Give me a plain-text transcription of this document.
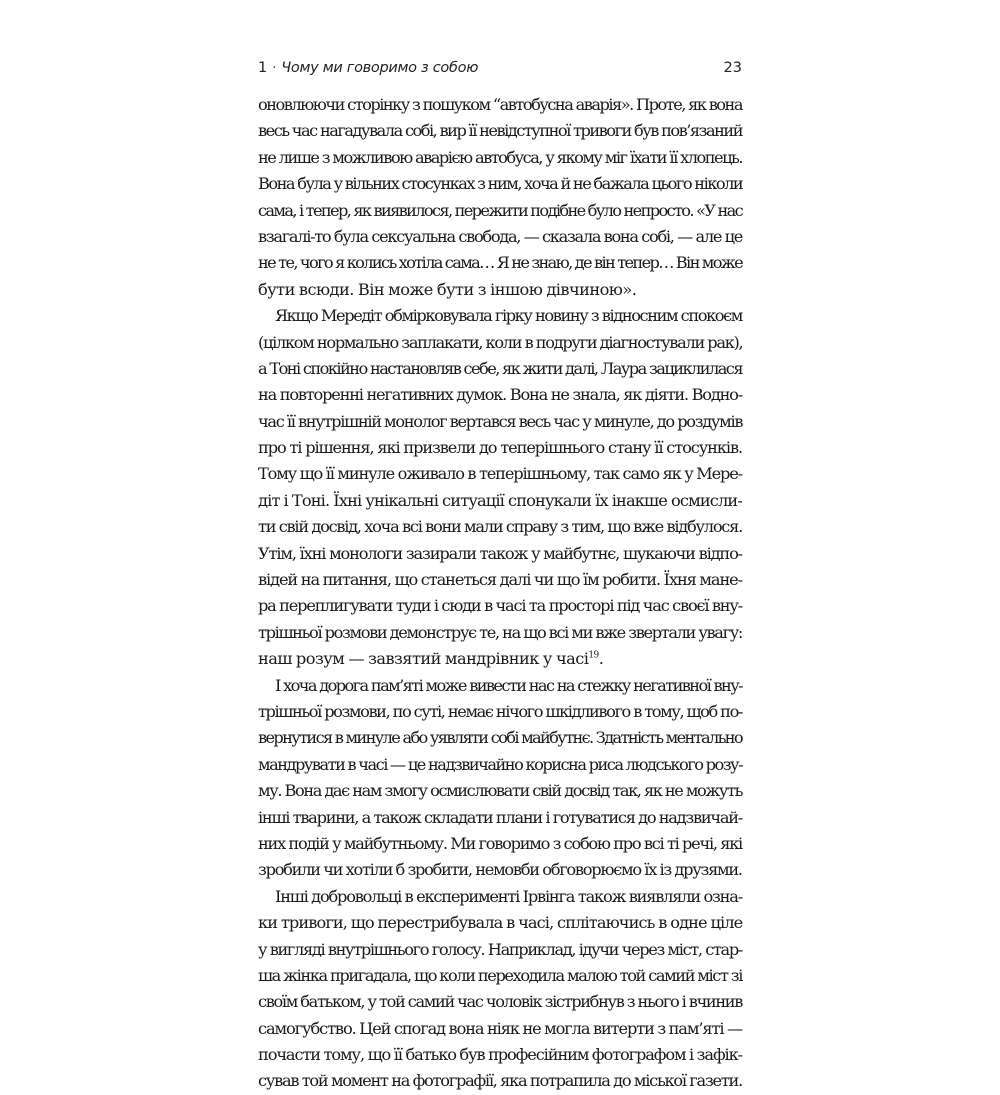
1 · Чому ми говоримо з собою	23
оновлюючи сторінку з пошуком “автобусна аварія». Проте, як вона
весь час нагадувала собі, вир її невідступної тривоги був пов’язаний
не лише з можливою аварією автобуса, у якому міг їхати її хлопець.
Вона була у вільних стосунках з ним, хоча й не бажала цього ніколи
сама, і тепер, як виявилося, пережити подібне було непросто. «У нас
взагалі-то була сексуальна свобода, — сказала вона собі, — але це
не те, чого я колись хотіла сама… Я не знаю, де він тепер… Він може
бути всюди. Він може бути з іншою дівчиною».
Якщо Мередіт обмірковувала гірку новину з відносним спокоєм
(цілком нормально заплакати, коли в подруги діагностували рак),
а Тоні спокійно настановляв себе, як жити далі, Лаура зациклилася
на повторенні негативних думок. Вона не знала, як діяти. Водно-
час її внутрішній монолог вертався весь час у минуле, до роздумів
про ті рішення, які призвели до теперішнього стану її стосунків.
Тому що її минуле оживало в теперішньому, так само як у Мере-
діт і Тоні. Їхні унікальні ситуації спонукали їх інакше осмисли-
ти свій досвід, хоча всі вони мали справу з тим, що вже відбулося.
Утім, їхні монологи зазирали також у майбутнє, шукаючи відпо-
відей на питання, що станеться далі чи що їм робити. Їхня мане-
ра переплигувати туди і сюди в часі та просторі під час своєї вну-
трішньої розмови демонструє те, на що всі ми вже звертали увагу:
наш розум — завзятий мандрівник у часі$^{19}$.
І хоча дорога пам’яті може вивести нас на стежку негативної вну-
трішньої розмови, по суті, немає нічого шкідливого в тому, щоб по-
вернутися в минуле або уявляти собі майбутнє. Здатність ментально
мандрувати в часі — це надзвичайно корисна риса людського розу-
му. Вона дає нам змогу осмислювати свій досвід так, як не можуть
інші тварини, а також складати плани і готуватися до надзвичай-
них подій у майбутньому. Ми говоримо з собою про всі ті речі, які
зробили чи хотіли б зробити, немовби обговорюємо їх із друзями.
Інші добровольці в експерименті Ірвінга також виявляли озна-
ки тривоги, що перестрибувала в часі, сплітаючись в одне ціле
у вигляді внутрішнього голосу. Наприклад, ідучи через міст, стар-
ша жінка пригадала, що коли переходила малою той самий міст зі
своїм батьком, у той самий час чоловік зістрибнув з нього і вчинив
самогубство. Цей спогад вона ніяк не могла витерти з пам’яті —
почасти тому, що її батько був професійним фотографом і зафік-
сував той момент на фотографії, яка потрапила до міської газети.
